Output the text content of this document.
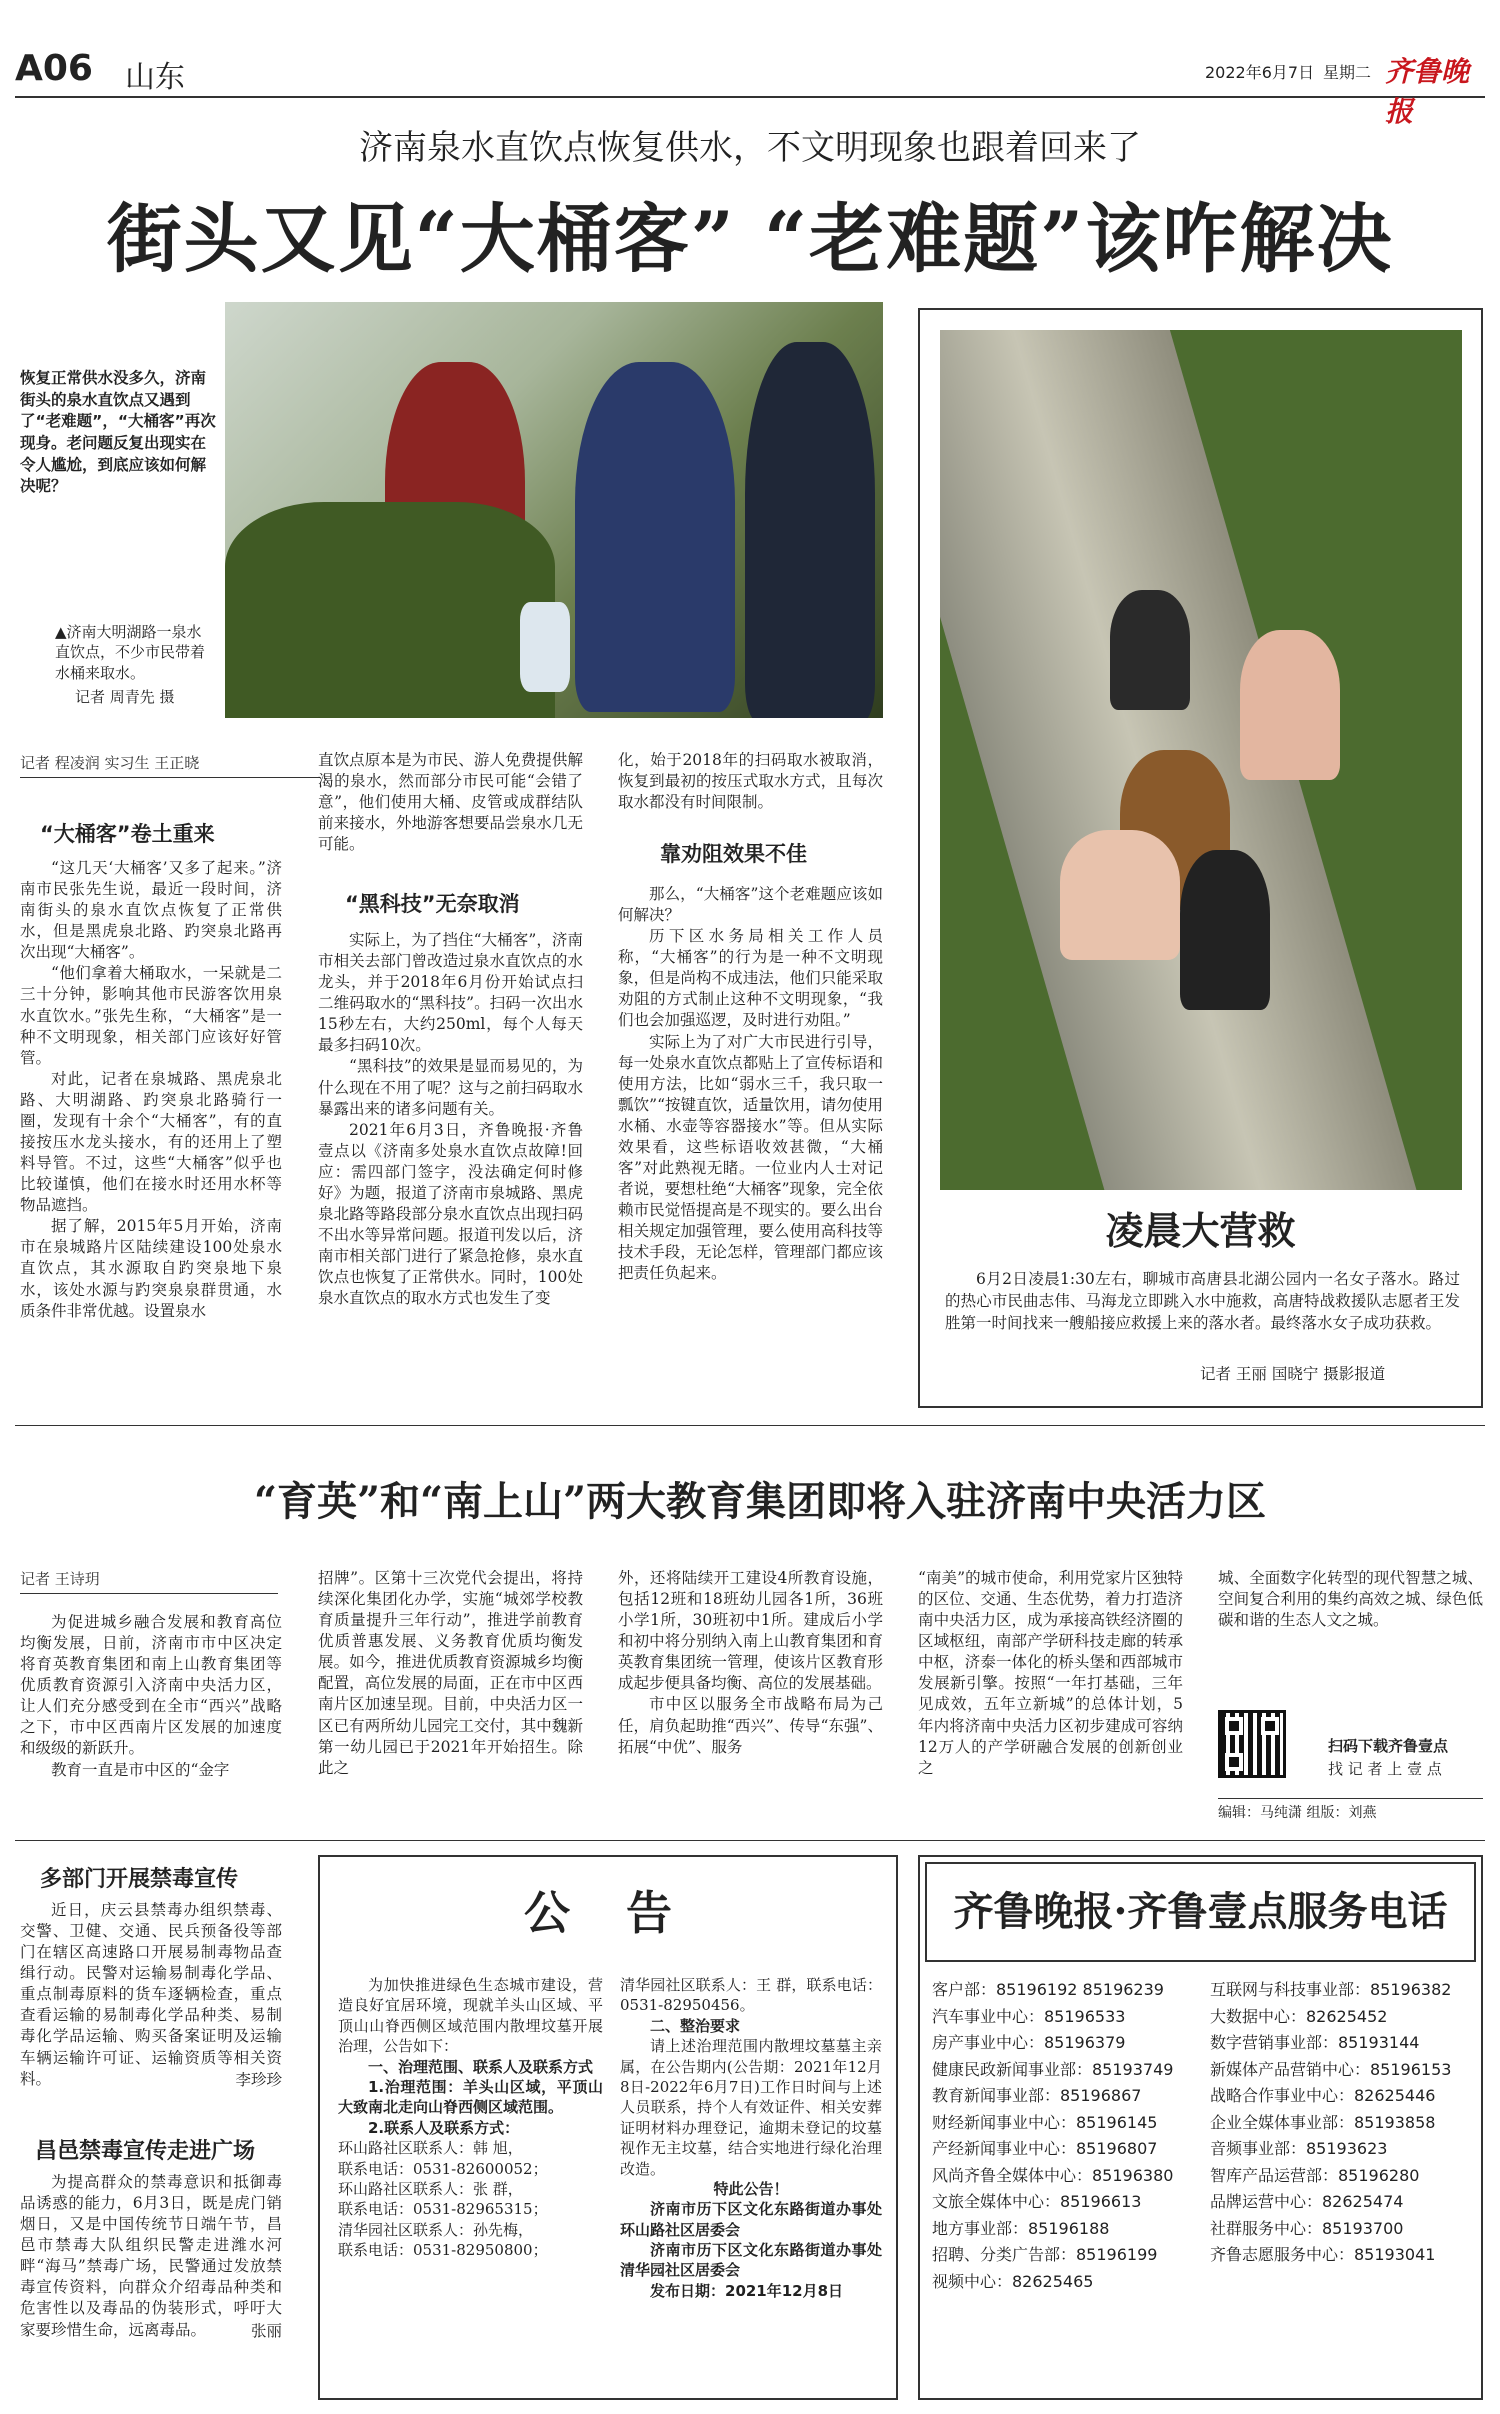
A06 山东	2022年6月7日 星期二 齐鲁晚报
济南泉水直饮点恢复供水，不文明现象也跟着回来了
街头又见“大桶客” “老难题”该咋解决
恢复正常供水没多久，济南街头的泉水直饮点又遇到了“老难题”，“大桶客”再次现身。老问题反复出现实在令人尴尬，到底应该如何解决呢？
▲济南大明湖路一泉水直饮点，不少市民带着水桶来取水。
记者 周青先 摄
记者 程凌润 实习生 王正晓
“大桶客”卷土重来

“这几天‘大桶客’又多了起来。”济南市民张先生说，最近一段时间，济南街头的泉水直饮点恢复了正常供水，但是黑虎泉北路、趵突泉北路再次出现“大桶客”。

“他们拿着大桶取水，一呆就是二三十分钟，影响其他市民游客饮用泉水直饮水。”张先生称，“大桶客”是一种不文明现象，相关部门应该好好管管。

对此，记者在泉城路、黑虎泉北路、大明湖路、趵突泉北路骑行一圈，发现有十余个“大桶客”，有的直接按压水龙头接水，有的还用上了塑料导管。不过，这些“大桶客”似乎也比较谨慎，他们在接水时还用水杯等物品遮挡。

据了解，2015年5月开始，济南市在泉城路片区陆续建设100处泉水直饮点，其水源取自趵突泉地下泉水，该处水源与趵突泉泉群贯通，水质条件非常优越。设置泉水

直饮点原本是为市民、游人免费提供解渴的泉水，然而部分市民可能“会错了意”，他们使用大桶、皮管或成群结队前来接水，外地游客想要品尝泉水几无可能。

“黑科技”无奈取消

实际上，为了挡住“大桶客”，济南市相关去部门曾改造过泉水直饮点的水龙头，并于2018年6月份开始试点扫二维码取水的“黑科技”。扫码一次出水15秒左右，大约250ml，每个人每天最多扫码10次。

“黑科技”的效果是显而易见的，为什么现在不用了呢？这与之前扫码取水暴露出来的诸多问题有关。

2021年6月3日，齐鲁晚报·齐鲁壹点以《济南多处泉水直饮点故障!回应：需四部门签字，没法确定何时修好》为题，报道了济南市泉城路、黑虎泉北路等路段部分泉水直饮点出现扫码不出水等异常问题。报道刊发以后，济南市相关部门进行了紧急抢修，泉水直饮点也恢复了正常供水。同时，100处泉水直饮点的取水方式也发生了变

化，始于2018年的扫码取水被取消，恢复到最初的按压式取水方式，且每次取水都没有时间限制。

靠劝阻效果不佳

那么，“大桶客”这个老难题应该如何解决？

历下区水务局相关工作人员称，“大桶客”的行为是一种不文明现象，但是尚构不成违法，他们只能采取劝阻的方式制止这种不文明现象，“我们也会加强巡逻，及时进行劝阻。”

实际上为了对广大市民进行引导，每一处泉水直饮点都贴上了宣传标语和使用方法，比如“弱水三千，我只取一瓢饮”“按键直饮，适量饮用，请勿使用水桶、水壶等容器接水”等。但从实际效果看，这些标语收效甚微，“大桶客”对此熟视无睹。一位业内人士对记者说，要想杜绝“大桶客”现象，完全依赖市民觉悟提高是不现实的。要么出台相关规定加强管理，要么使用高科技等技术手段，无论怎样，管理部门都应该把责任负起来。

凌晨大营救
6月2日凌晨1:30左右，聊城市高唐县北湖公园内一名女子落水。路过的热心市民曲志伟、马海龙立即跳入水中施救，高唐特战救援队志愿者王发胜第一时间找来一艘船接应救援上来的落水者。最终落水女子成功获救。
记者 王丽 国晓宁 摄影报道
“育英”和“南上山”两大教育集团即将入驻济南中央活力区
记者 王诗玥

为促进城乡融合发展和教育高位均衡发展，日前，济南市市中区决定将育英教育集团和南上山教育集团等优质教育资源引入济南中央活力区，让人们充分感受到在全市“西兴”战略之下，市中区西南片区发展的加速度和级级的新跃升。

教育一直是市中区的“金字

招牌”。区第十三次党代会提出，将持续深化集团化办学，实施“城郊学校教育质量提升三年行动”，推进学前教育优质普惠发展、义务教育优质均衡发展。如今，推进优质教育资源城乡均衡配置，高位发展的局面，正在市中区西南片区加速呈现。目前，中央活力区一区已有两所幼儿园完工交付，其中魏新第一幼儿园已于2021年开始招生。除此之

外，还将陆续开工建设4所教育设施，包括12班和18班幼儿园各1所，36班小学1所，30班初中1所。建成后小学和初中将分别纳入南上山教育集团和育英教育集团统一管理，使该片区教育形成起步便具备均衡、高位的发展基础。

市中区以服务全市战略布局为己任，肩负起助推“西兴”、传导“东强”、拓展“中优”、服务

“南美”的城市使命，利用党家片区独特的区位、交通、生态优势，着力打造济南中央活力区，成为承接高铁经济圈的区域枢纽，南部产学研科技走廊的转承中枢，济泰一体化的桥头堡和西部城市发展新引擎。按照“一年打基础，三年见成效，五年立新城”的总体计划，5年内将济南中央活力区初步建成可容纳12万人的产学研融合发展的创新创业之

城、全面数字化转型的现代智慧之城、空间复合利用的集约高效之城、绿色低碳和谐的生态人文之城。

扫码下载齐鲁壹点
找 记 者 上 壹 点
编辑：马纯潇 组版：刘燕
多部门开展禁毒宣传

近日，庆云县禁毒办组织禁毒、交警、卫健、交通、民兵预备役等部门在辖区高速路口开展易制毒物品查缉行动。民警对运输易制毒化学品、重点制毒原料的货车逐辆检查，重点查看运输的易制毒化学品种类、易制毒化学品运输、购买备案证明及运输车辆运输许可证、运输资质等相关资料。	李珍珍
昌邑禁毒宣传走进广场

为提高群众的禁毒意识和抵御毒品诱惑的能力，6月3日，既是虎门销烟日，又是中国传统节日端午节，昌邑市禁毒大队组织民警走进潍水河畔“海马”禁毒广场，民警通过发放禁毒宣传资料，向群众介绍毒品种类和危害性以及毒品的伪装形式，呼吁大家要珍惜生命，远离毒品。	张丽
公 告

为加快推进绿色生态城市建设，营造良好宜居环境，现就羊头山区域、平顶山山脊西侧区域范围内散埋坟墓开展治理，公告如下：

一、治理范围、联系人及联系方式
1.治理范围：羊头山区域，平顶山大致南北走向山脊西侧区域范围。
2.联系人及联系方式：
环山路社区联系人：韩 旭，
联系电话：0531-82600052；
环山路社区联系人：张 群，
联系电话：0531-82965315；
清华园社区联系人：孙先梅，
联系电话：0531-82950800；
清华园社区联系人：王 群，联系电话：0531-82950456。
二、整治要求

请上述治理范围内散埋坟墓墓主亲属，在公告期内(公告期：2021年12月8日-2022年6月7日)工作日时间与上述人员联系，持个人有效证件、相关安葬证明材料办理登记，逾期未登记的坟墓视作无主坟墓，结合实地进行绿化治理改造。

特此公告！
济南市历下区文化东路街道办事处环山路社区居委会
济南市历下区文化东路街道办事处清华园社区居委会
发布日期：2021年12月8日
齐鲁晚报·齐鲁壹点服务电话
客户部：85196192 85196239
汽车事业中心：85196533
房产事业中心：85196379
健康民政新闻事业部：85193749
教育新闻事业部：85196867
财经新闻事业中心：85196145
产经新闻事业中心：85196807
风尚齐鲁全媒体中心：85196380
文旅全媒体中心：85196613
地方事业部：85196188
招聘、分类广告部：85196199
视频中心：82625465
互联网与科技事业部：85196382
大数据中心：82625452
数字营销事业部：85193144
新媒体产品营销中心：85196153
战略合作事业中心：82625446
企业全媒体事业部：85193858
音频事业部：85193623
智库产品运营部：85196280
品牌运营中心：82625474
社群服务中心：85193700
齐鲁志愿服务中心：85193041
